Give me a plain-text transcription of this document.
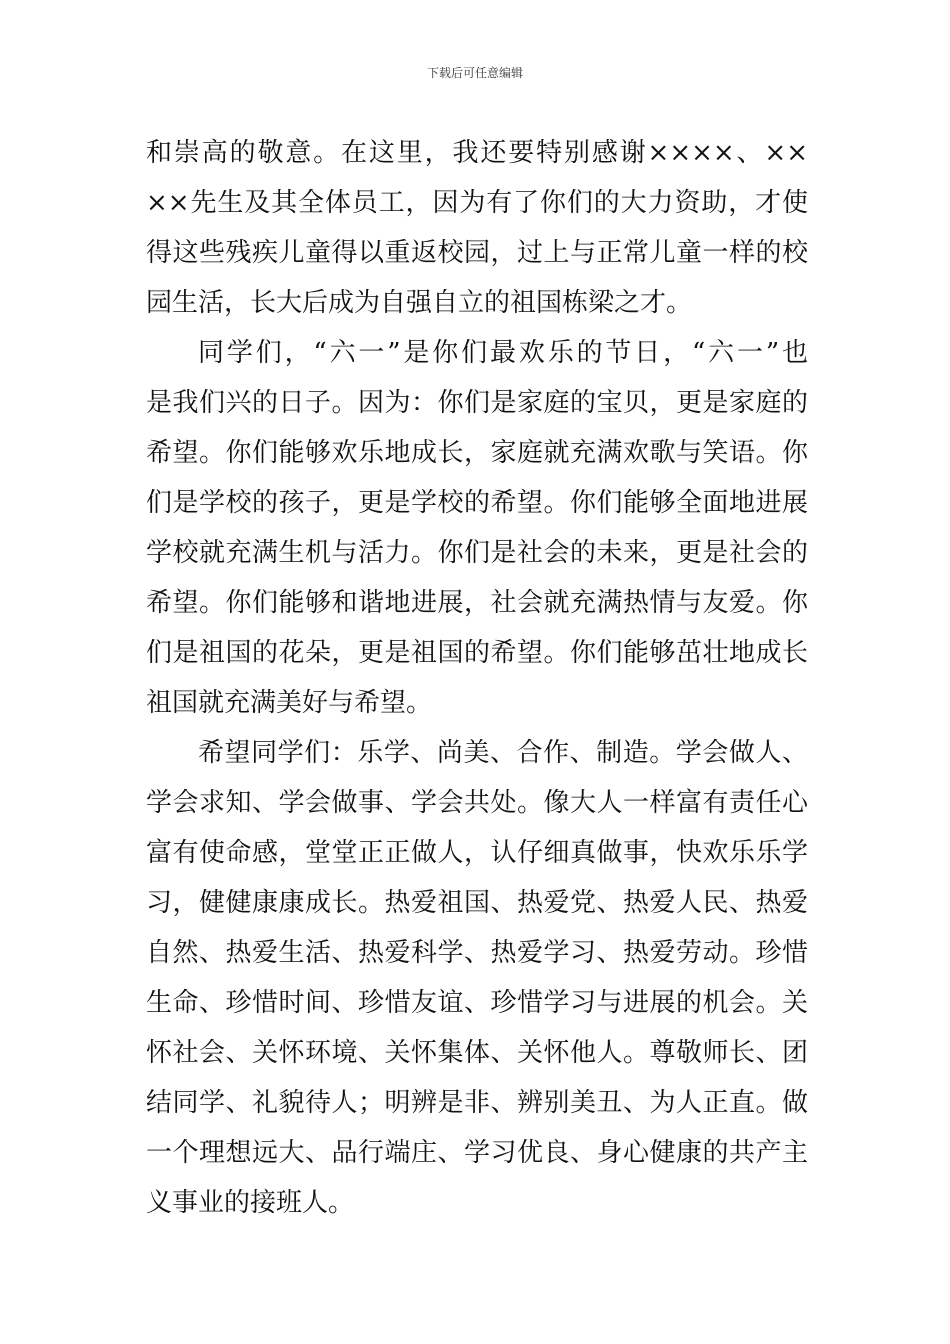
下载后可任意编辑
和崇高的敬意。在这里，我还要特别感谢××××、××
××先生及其全体员工，因为有了你们的大力资助，才使
得这些残疾儿童得以重返校园，过上与正常儿童一样的校
园生活，长大后成为自强自立的祖国栋梁之才。
同学们，“六一”是你们最欢乐的节日，“六一”也
是我们兴的日子。因为：你们是家庭的宝贝，更是家庭的
希望。你们能够欢乐地成长，家庭就充满欢歌与笑语。你
们是学校的孩子，更是学校的希望。你们能够全面地进展
学校就充满生机与活力。你们是社会的未来，更是社会的
希望。你们能够和谐地进展，社会就充满热情与友爱。你
们是祖国的花朵，更是祖国的希望。你们能够茁壮地成长
祖国就充满美好与希望。
希望同学们：乐学、尚美、合作、制造。学会做人、
学会求知、学会做事、学会共处。像大人一样富有责任心
富有使命感，堂堂正正做人，认仔细真做事，快欢乐乐学
习，健健康康成长。热爱祖国、热爱党、热爱人民、热爱
自然、热爱生活、热爱科学、热爱学习、热爱劳动。珍惜
生命、珍惜时间、珍惜友谊、珍惜学习与进展的机会。关
怀社会、关怀环境、关怀集体、关怀他人。尊敬师长、团
结同学、礼貌待人；明辨是非、辨别美丑、为人正直。做
一个理想远大、品行端庄、学习优良、身心健康的共产主
义事业的接班人。
